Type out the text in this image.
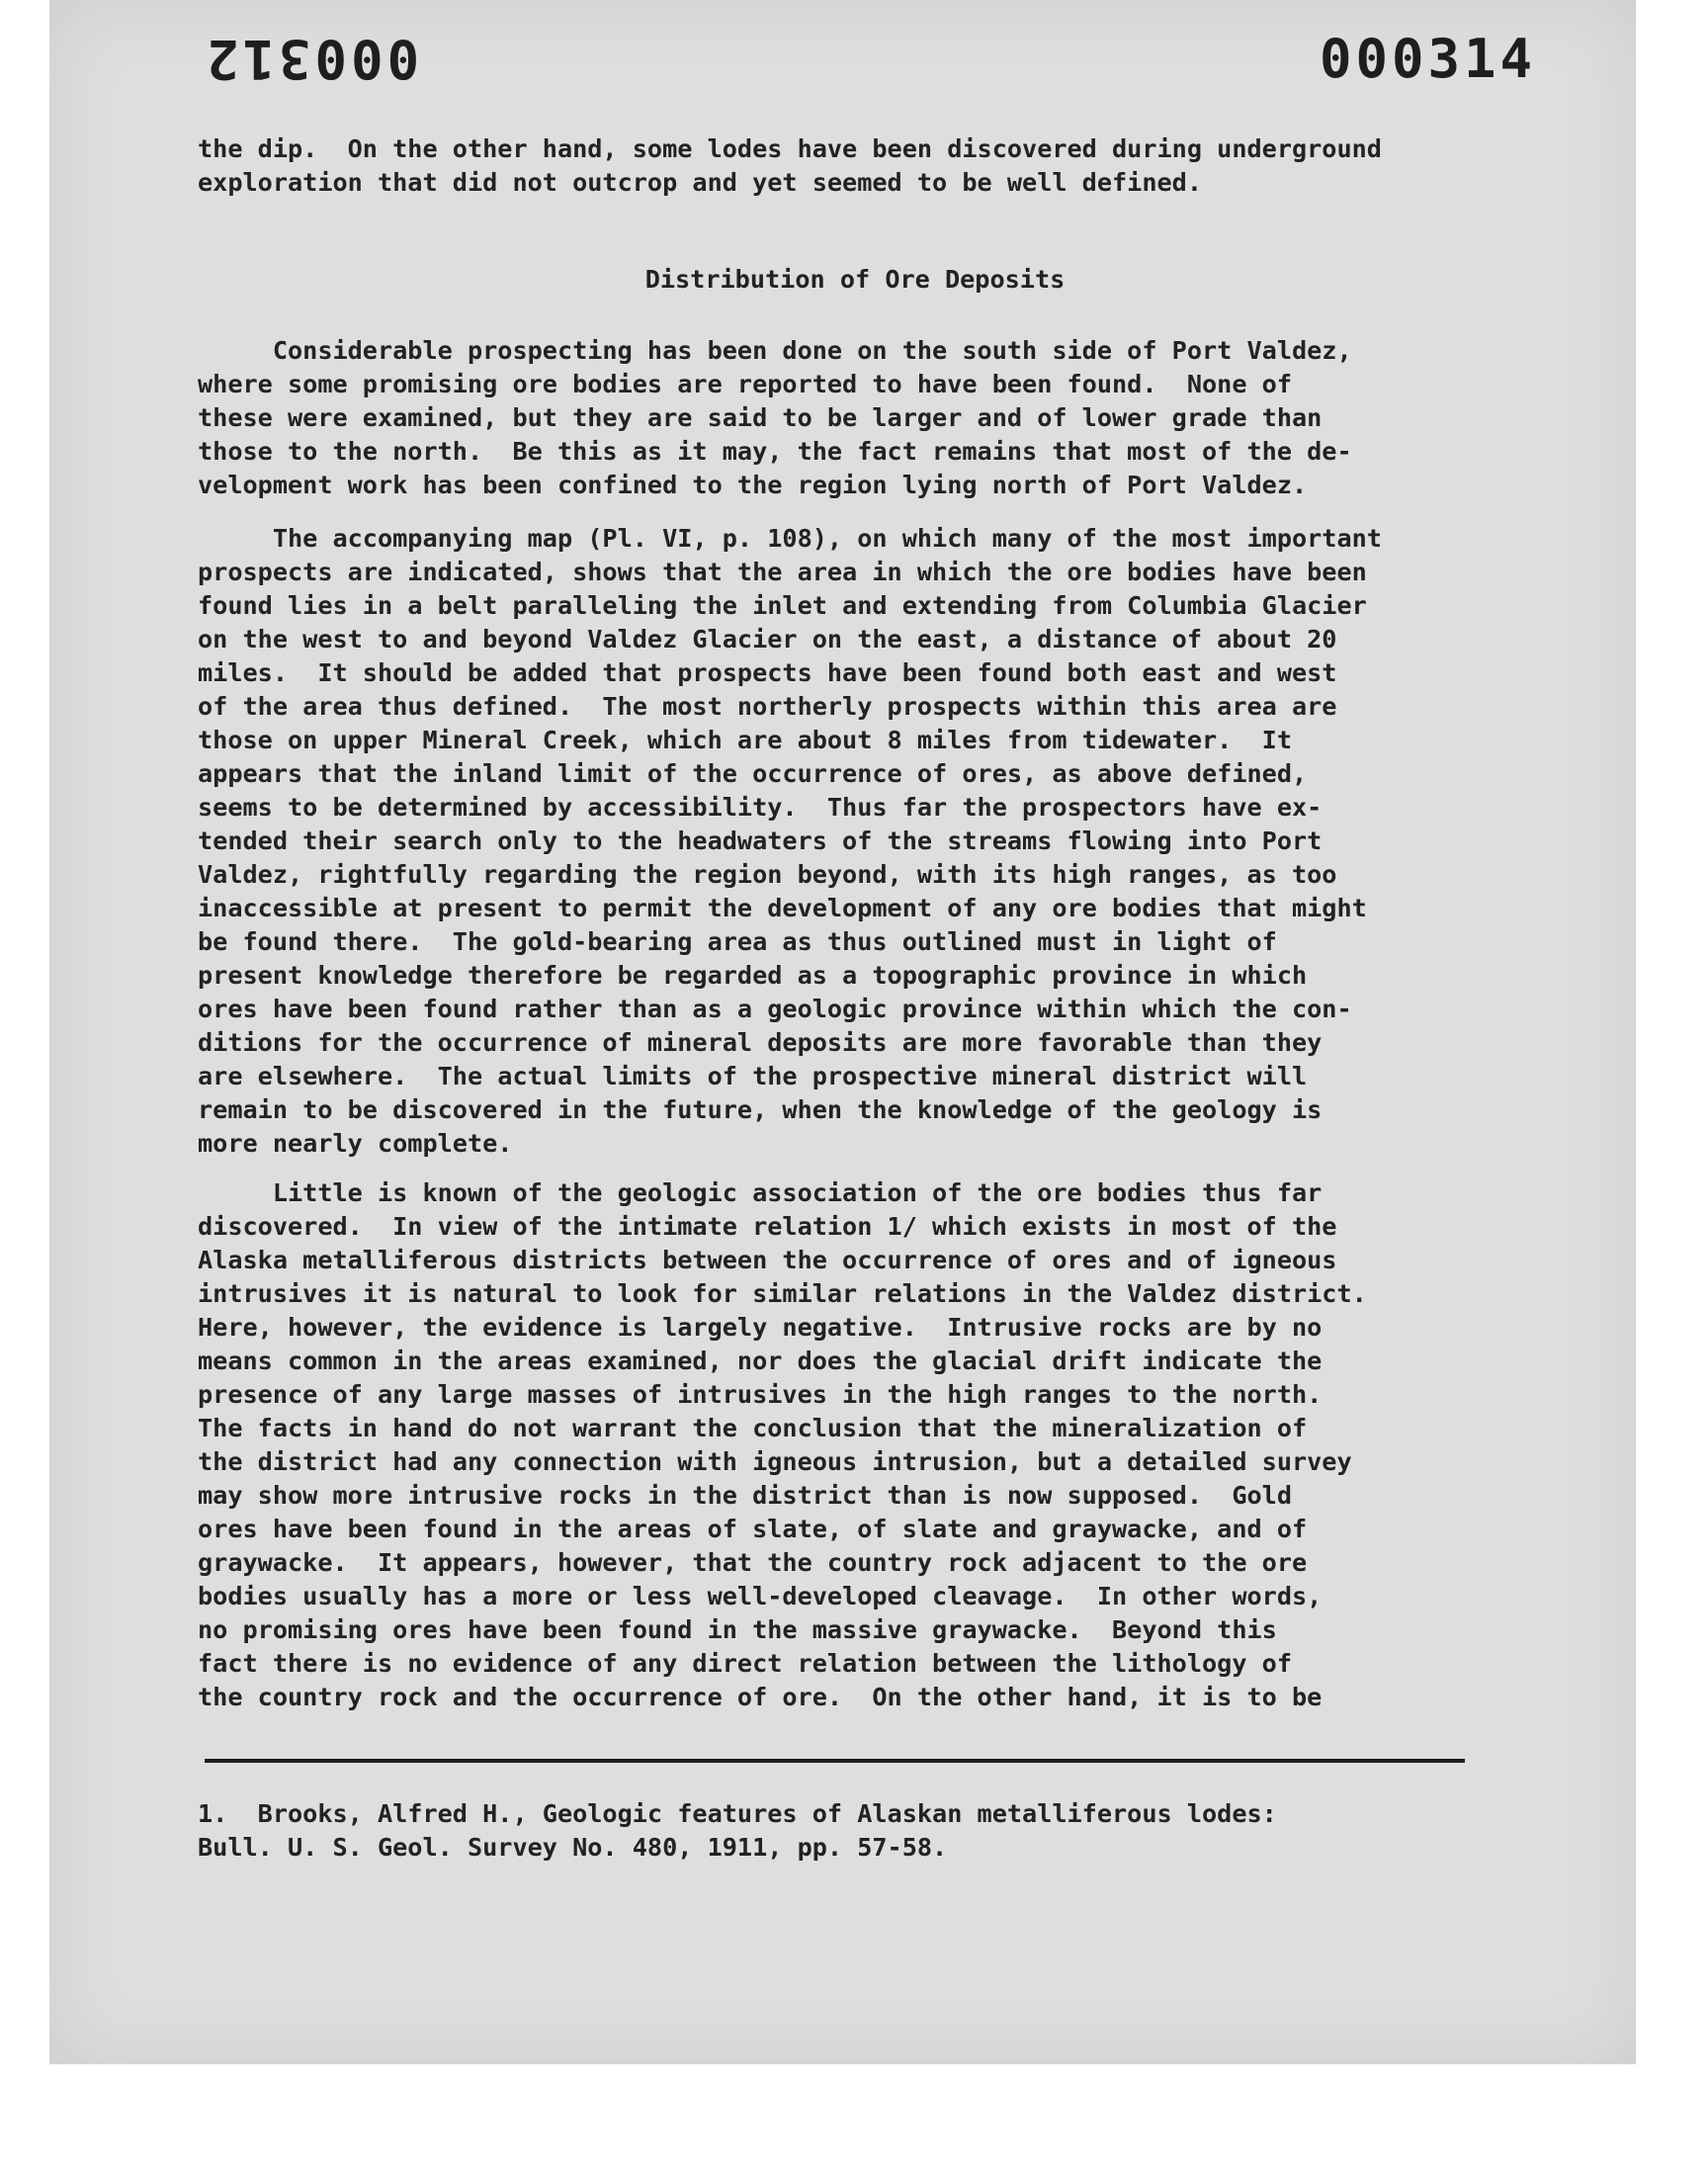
000312	000314
the dip.  On the other hand, some lodes have been discovered during underground
exploration that did not outcrop and yet seemed to be well defined.
Distribution of Ore Deposits
Considerable prospecting has been done on the south side of Port Valdez,
where some promising ore bodies are reported to have been found.  None of
these were examined, but they are said to be larger and of lower grade than
those to the north.  Be this as it may, the fact remains that most of the de-
velopment work has been confined to the region lying north of Port Valdez.
The accompanying map (Pl. VI, p. 108), on which many of the most important
prospects are indicated, shows that the area in which the ore bodies have been
found lies in a belt paralleling the inlet and extending from Columbia Glacier
on the west to and beyond Valdez Glacier on the east, a distance of about 20
miles.  It should be added that prospects have been found both east and west
of the area thus defined.  The most northerly prospects within this area are
those on upper Mineral Creek, which are about 8 miles from tidewater.  It
appears that the inland limit of the occurrence of ores, as above defined,
seems to be determined by accessibility.  Thus far the prospectors have ex-
tended their search only to the headwaters of the streams flowing into Port
Valdez, rightfully regarding the region beyond, with its high ranges, as too
inaccessible at present to permit the development of any ore bodies that might
be found there.  The gold-bearing area as thus outlined must in light of
present knowledge therefore be regarded as a topographic province in which
ores have been found rather than as a geologic province within which the con-
ditions for the occurrence of mineral deposits are more favorable than they
are elsewhere.  The actual limits of the prospective mineral district will
remain to be discovered in the future, when the knowledge of the geology is
more nearly complete.
Little is known of the geologic association of the ore bodies thus far
discovered.  In view of the intimate relation 1/ which exists in most of the
Alaska metalliferous districts between the occurrence of ores and of igneous
intrusives it is natural to look for similar relations in the Valdez district.
Here, however, the evidence is largely negative.  Intrusive rocks are by no
means common in the areas examined, nor does the glacial drift indicate the
presence of any large masses of intrusives in the high ranges to the north.
The facts in hand do not warrant the conclusion that the mineralization of
the district had any connection with igneous intrusion, but a detailed survey
may show more intrusive rocks in the district than is now supposed.  Gold
ores have been found in the areas of slate, of slate and graywacke, and of
graywacke.  It appears, however, that the country rock adjacent to the ore
bodies usually has a more or less well-developed cleavage.  In other words,
no promising ores have been found in the massive graywacke.  Beyond this
fact there is no evidence of any direct relation between the lithology of
the country rock and the occurrence of ore.  On the other hand, it is to be
1.  Brooks, Alfred H., Geologic features of Alaskan metalliferous lodes:
Bull. U. S. Geol. Survey No. 480, 1911, pp. 57-58.
